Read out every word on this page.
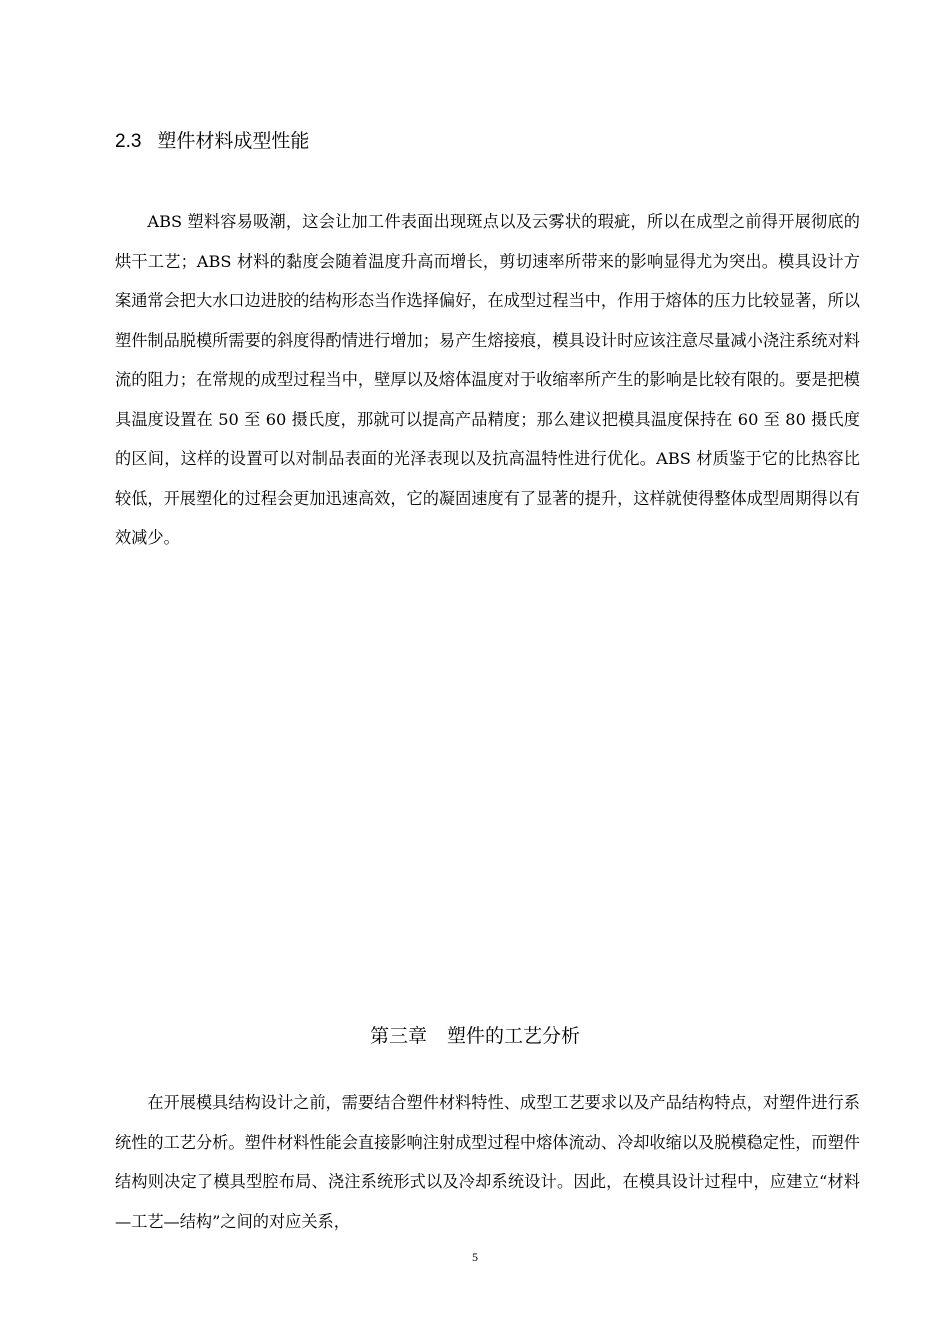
2.3 塑件材料成型性能

ABS 塑料容易吸潮，这会让加工件表面出现斑点以及云雾状的瑕疵，所以在成型之前得开展彻底的烘干工艺；ABS 材料的黏度会随着温度升高而增长，剪切速率所带来的影响显得尤为突出。模具设计方案通常会把大水口边进胶的结构形态当作选择偏好，在成型过程当中，作用于熔体的压力比较显著，所以塑件制品脱模所需要的斜度得酌情进行增加；易产生熔接痕，模具设计时应该注意尽量减小浇注系统对料流的阻力；在常规的成型过程当中，壁厚以及熔体温度对于收缩率所产生的影响是比较有限的。要是把模具温度设置在 50 至 60 摄氏度，那就可以提高产品精度；那么建议把模具温度保持在 60 至 80 摄氏度的区间，这样的设置可以对制品表面的光泽表现以及抗高温特性进行优化。ABS 材质鉴于它的比热容比较低，开展塑化的过程会更加迅速高效，它的凝固速度有了显著的提升，这样就使得整体成型周期得以有效减少。

第三章 塑件的工艺分析

在开展模具结构设计之前，需要结合塑件材料特性、成型工艺要求以及产品结构特点，对塑件进行系统性的工艺分析。塑件材料性能会直接影响注射成型过程中熔体流动、冷却收缩以及脱模稳定性，而塑件结构则决定了模具型腔布局、浇注系统形式以及冷却系统设计。因此，在模具设计过程中，应建立“材料—工艺—结构”之间的对应关系，

5
